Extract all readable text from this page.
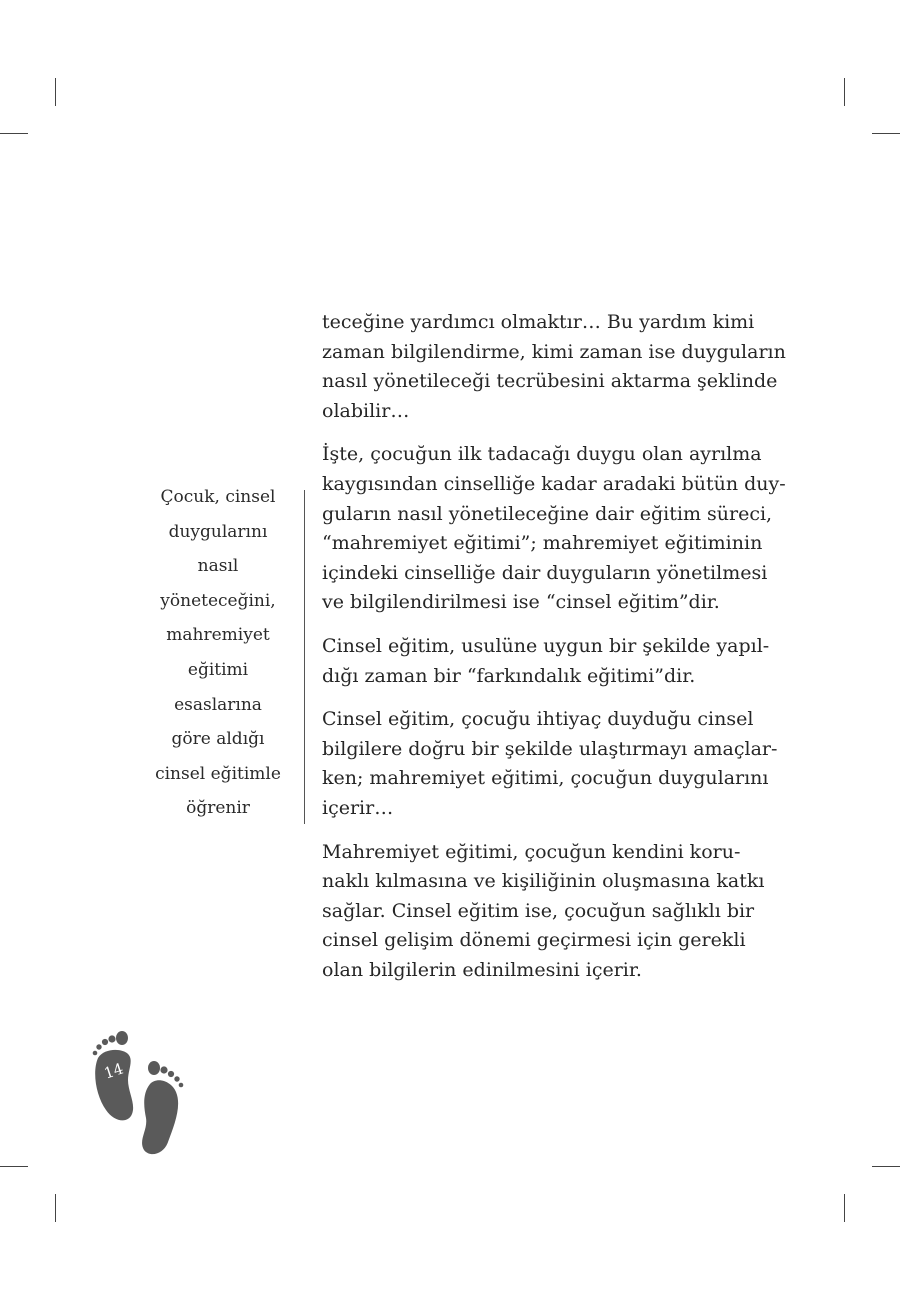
Çocuk, cinsel
duygularını
nasıl
yöneteceğini,
mahremiyet
eğitimi
esaslarına
göre aldığı
cinsel eğitimle
öğrenir

teceğine yardımcı olmaktır… Bu yardım kimi
zaman bilgilendirme, kimi zaman ise duyguların
nasıl yönetileceği tecrübesini aktarma şeklinde
olabilir…

İşte, çocuğun ilk tadacağı duygu olan ayrılma
kaygısından cinselliğe kadar aradaki bütün duy-
guların nasıl yönetileceğine dair eğitim süreci,
“mahremiyet eğitimi”; mahremiyet eğitiminin
içindeki cinselliğe dair duyguların yönetilmesi
ve bilgilendirilmesi ise “cinsel eğitim”dir.

Cinsel eğitim, usulüne uygun bir şekilde yapıl-
dığı zaman bir “farkındalık eğitimi”dir.

Cinsel eğitim, çocuğu ihtiyaç duyduğu cinsel
bilgilere doğru bir şekilde ulaştırmayı amaçlar-
ken; mahremiyet eğitimi, çocuğun duygularını
içerir…

Mahremiyet eğitimi, çocuğun kendini koru-
naklı kılmasına ve kişiliğinin oluşmasına katkı
sağlar. Cinsel eğitim ise, çocuğun sağlıklı bir
cinsel gelişim dönemi geçirmesi için gerekli
olan bilgilerin edinilmesini içerir.

14
